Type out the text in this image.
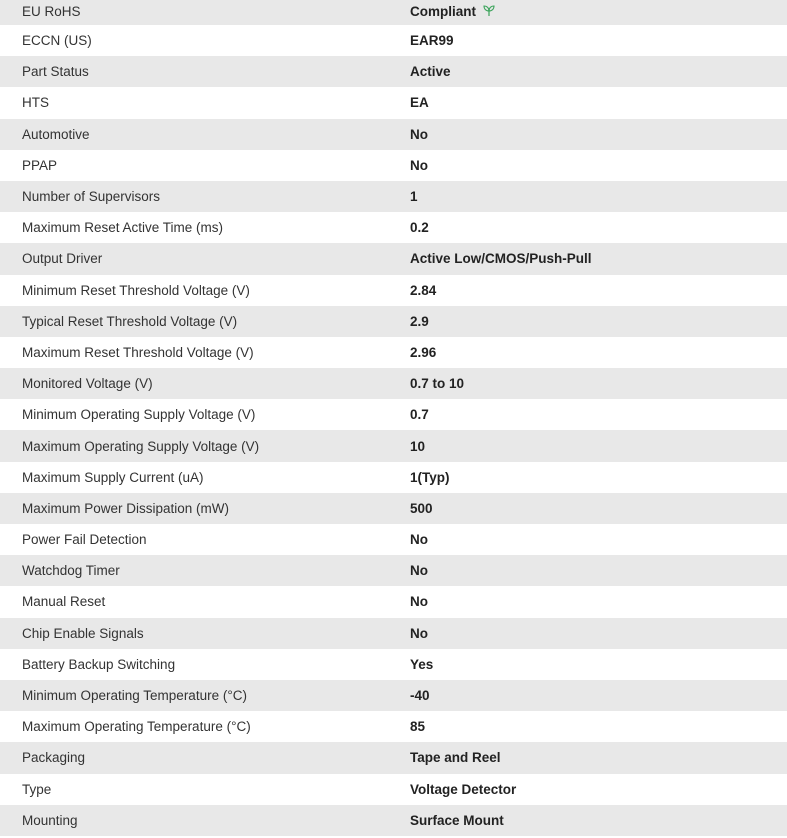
EU RoHS	Compliant
ECCN (US)	EAR99
Part Status	Active
HTS	EA
Automotive	No
PPAP	No
Number of Supervisors	1
Maximum Reset Active Time (ms)	0.2
Output Driver	Active Low/CMOS/Push-Pull
Minimum Reset Threshold Voltage (V)	2.84
Typical Reset Threshold Voltage (V)	2.9
Maximum Reset Threshold Voltage (V)	2.96
Monitored Voltage (V)	0.7 to 10
Minimum Operating Supply Voltage (V)	0.7
Maximum Operating Supply Voltage (V)	10
Maximum Supply Current (uA)	1(Typ)
Maximum Power Dissipation (mW)	500
Power Fail Detection	No
Watchdog Timer	No
Manual Reset	No
Chip Enable Signals	No
Battery Backup Switching	Yes
Minimum Operating Temperature (°C)	-40
Maximum Operating Temperature (°C)	85
Packaging	Tape and Reel
Type	Voltage Detector
Mounting	Surface Mount
